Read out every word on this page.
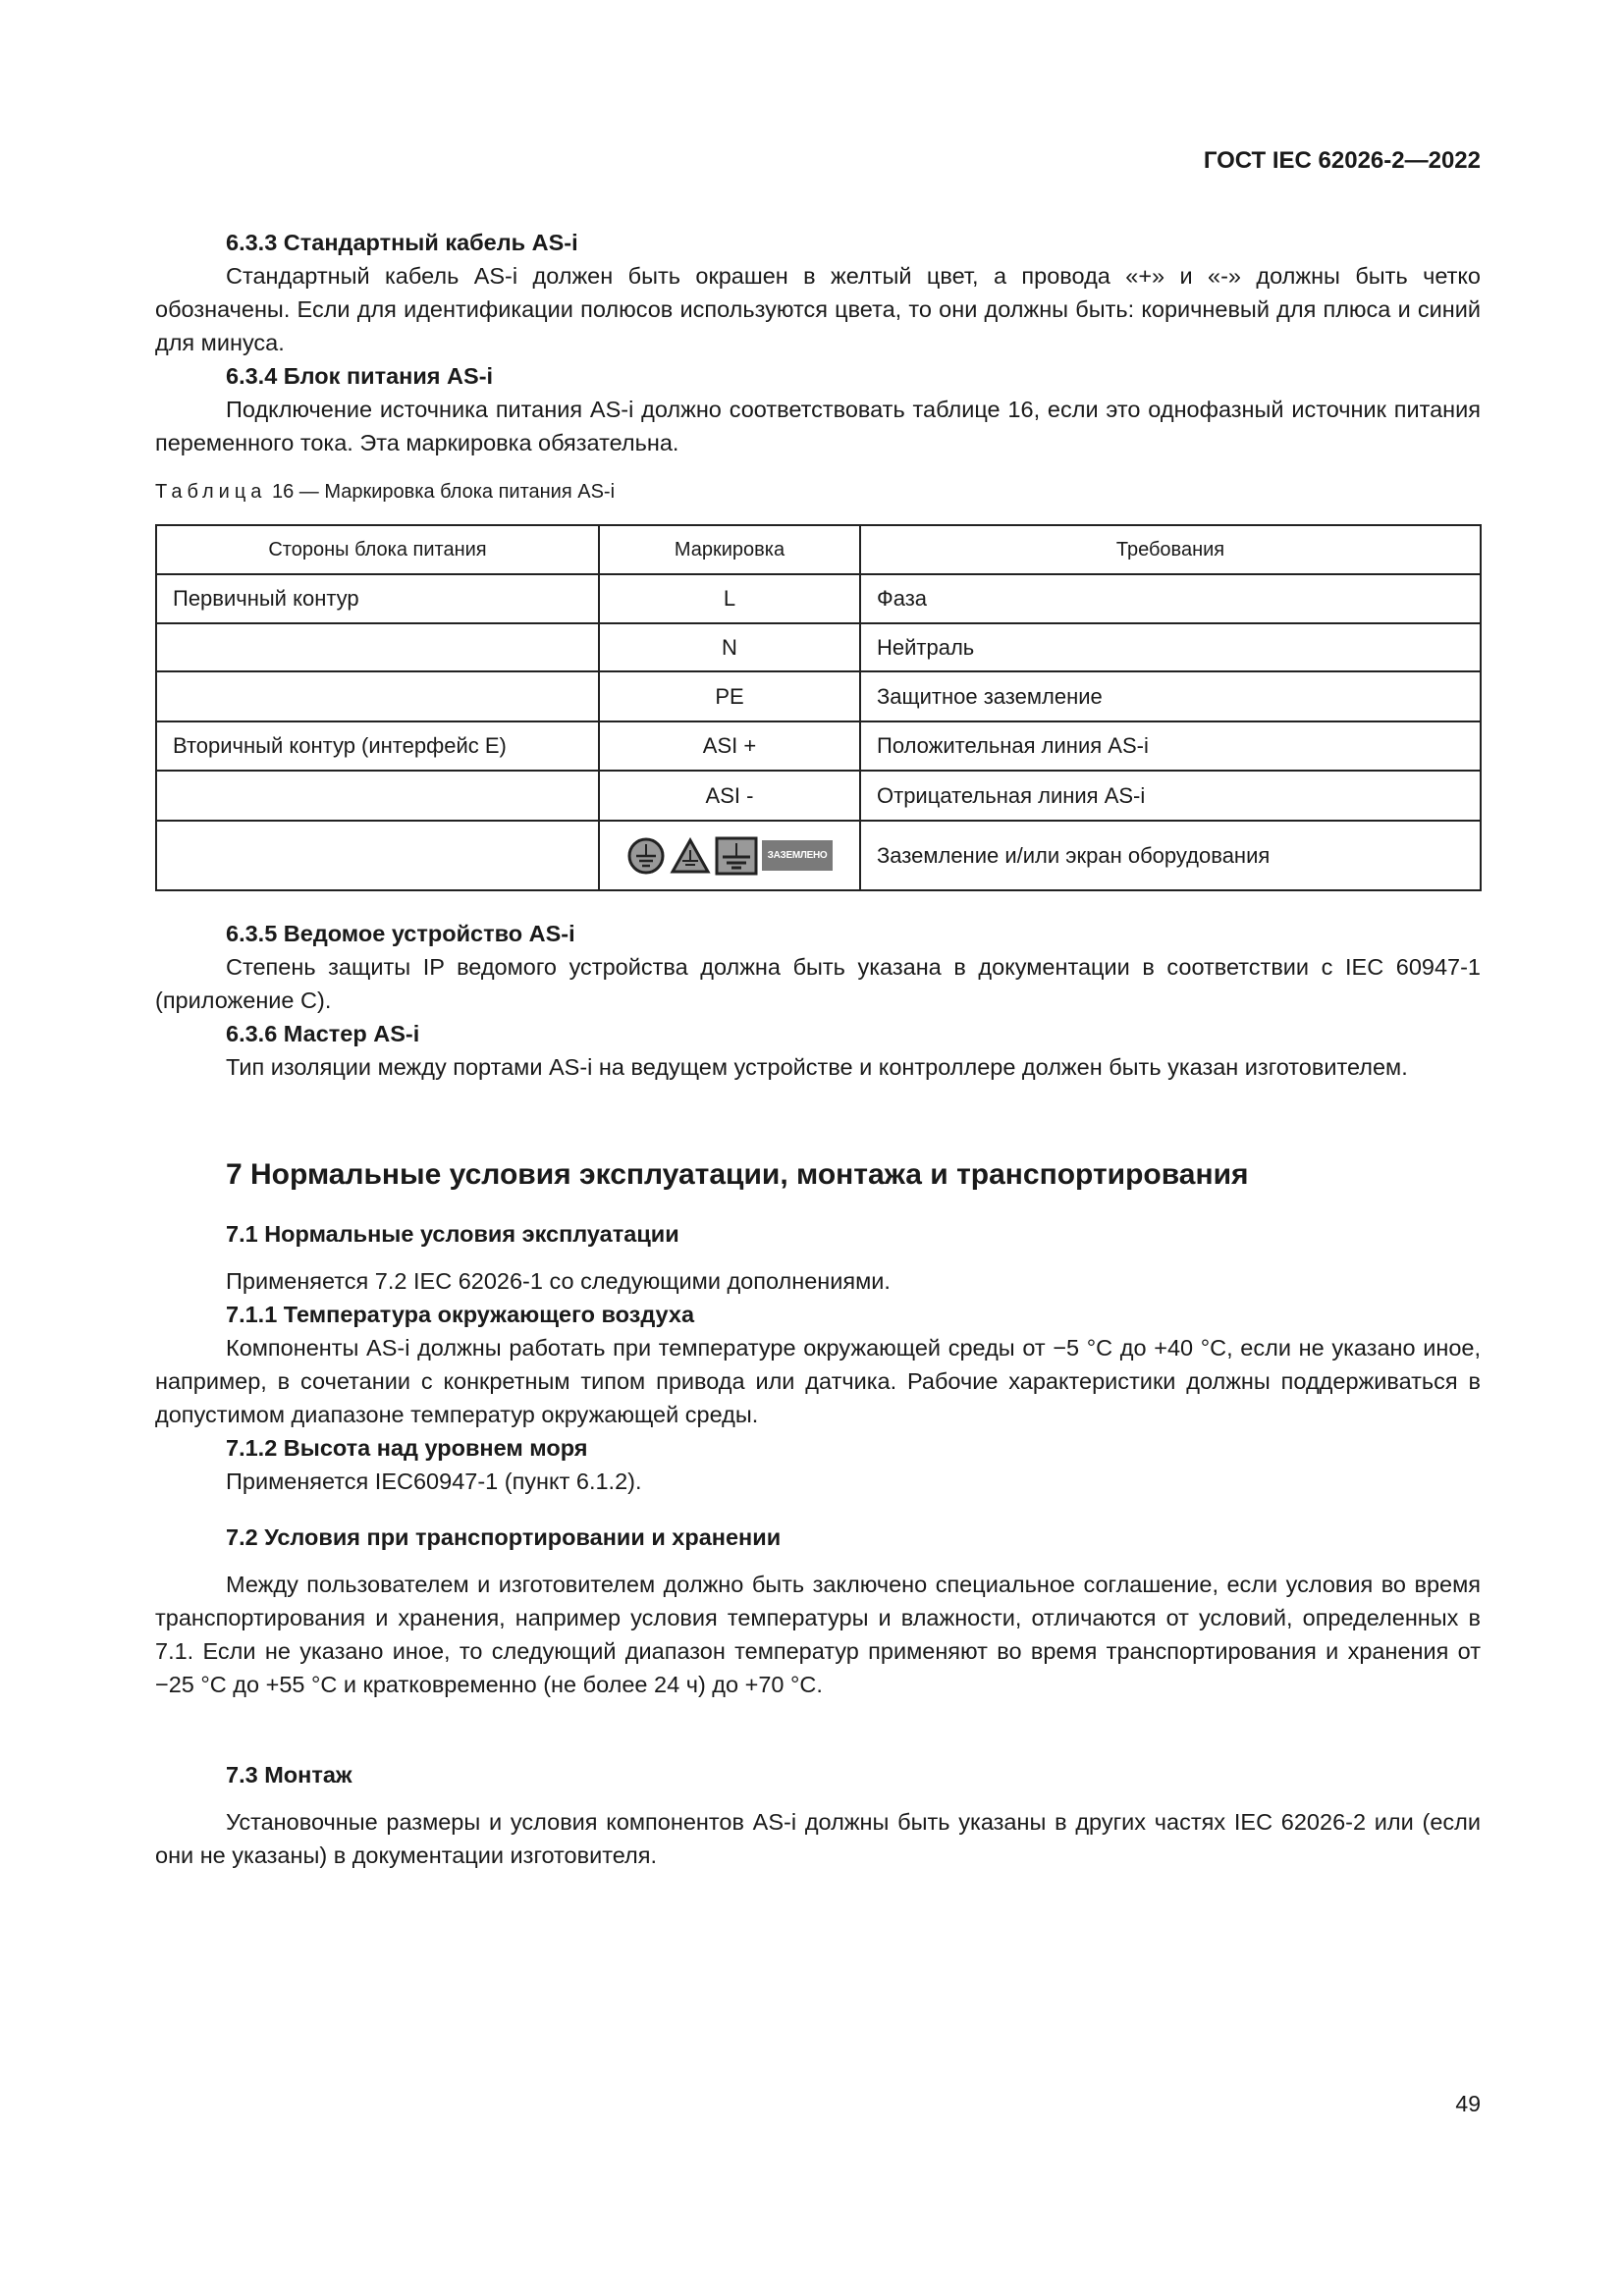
ГОСТ IEC 62026-2—2022

6.3.3 Стандартный кабель AS-i

Стандартный кабель AS-i должен быть окрашен в желтый цвет, а провода «+» и «-» должны быть четко обозначены. Если для идентификации полюсов используются цвета, то они должны быть: коричневый для плюса и синий для минуса.

6.3.4 Блок питания AS-i

Подключение источника питания AS-i должно соответствовать таблице 16, если это однофазный источник питания переменного тока. Эта маркировка обязательна.

Таблица 16 — Маркировка блока питания AS-i
Стороны блока питания	Маркировка	Требования
Первичный контур	L	Фаза
	N	Нейтраль
	PE	Защитное заземление
Вторичный контур (интерфейс E)	ASI +	Положительная линия AS-i
	ASI -	Отрицательная линия AS-i

	ЗАЗЕМЛЕНО	Заземление и/или экран оборудования

6.3.5 Ведомое устройство AS-i

Степень защиты IP ведомого устройства должна быть указана в документации в соответствии с IEC 60947-1 (приложение C).

6.3.6 Мастер AS-i

Тип изоляции между портами AS-i на ведущем устройстве и контроллере должен быть указан изготовителем.

7 Нормальные условия эксплуатации, монтажа и транспортирования

7.1 Нормальные условия эксплуатации

Применяется 7.2 IEC 62026-1 со следующими дополнениями.

7.1.1 Температура окружающего воздуха

Компоненты AS-i должны работать при температуре окружающей среды от −5 °C до +40 °C, если не указано иное, например, в сочетании с конкретным типом привода или датчика. Рабочие характеристики должны поддерживаться в допустимом диапазоне температур окружающей среды.

7.1.2 Высота над уровнем моря

Применяется IEC60947-1 (пункт 6.1.2).

7.2 Условия при транспортировании и хранении

Между пользователем и изготовителем должно быть заключено специальное соглашение, если условия во время транспортирования и хранения, например условия температуры и влажности, отличаются от условий, определенных в 7.1. Если не указано иное, то следующий диапазон температур применяют во время транспортирования и хранения от −25 °C до +55 °C и кратковременно (не более 24 ч) до +70 °C.

7.3 Монтаж

Установочные размеры и условия компонентов AS-i должны быть указаны в других частях IEC 62026-2 или (если они не указаны) в документации изготовителя.

49
